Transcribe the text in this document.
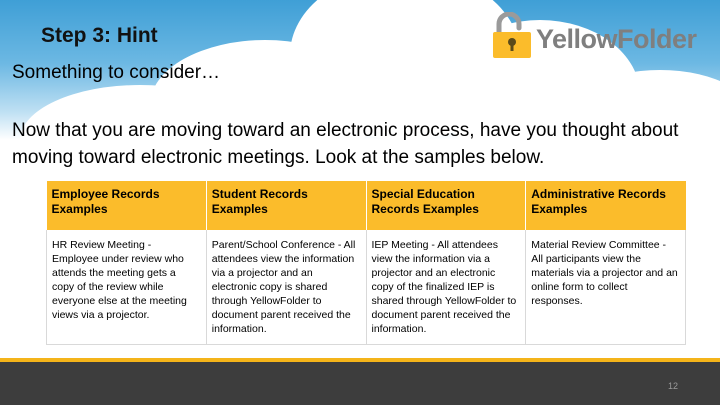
Step 3: Hint	YellowFolder
Something to consider…
Now that you are moving toward an electronic process, have you thought about moving toward electronic meetings. Look at the samples below.
Employee Records Examples	Student Records Examples	Special Education Records Examples	Administrative Records Examples
HR Review Meeting - Employee under review who attends the meeting gets a copy of the review while everyone else at the meeting views via a projector.	Parent/School Conference - All attendees view the information via a projector and an electronic copy is shared through YellowFolder to document parent received the information.	IEP Meeting - All attendees view the information via a projector and an electronic copy of the finalized IEP is shared through YellowFolder to document parent received the information.	Material Review Committee - All participants view the materials via a projector and an online form to collect responses.
12
